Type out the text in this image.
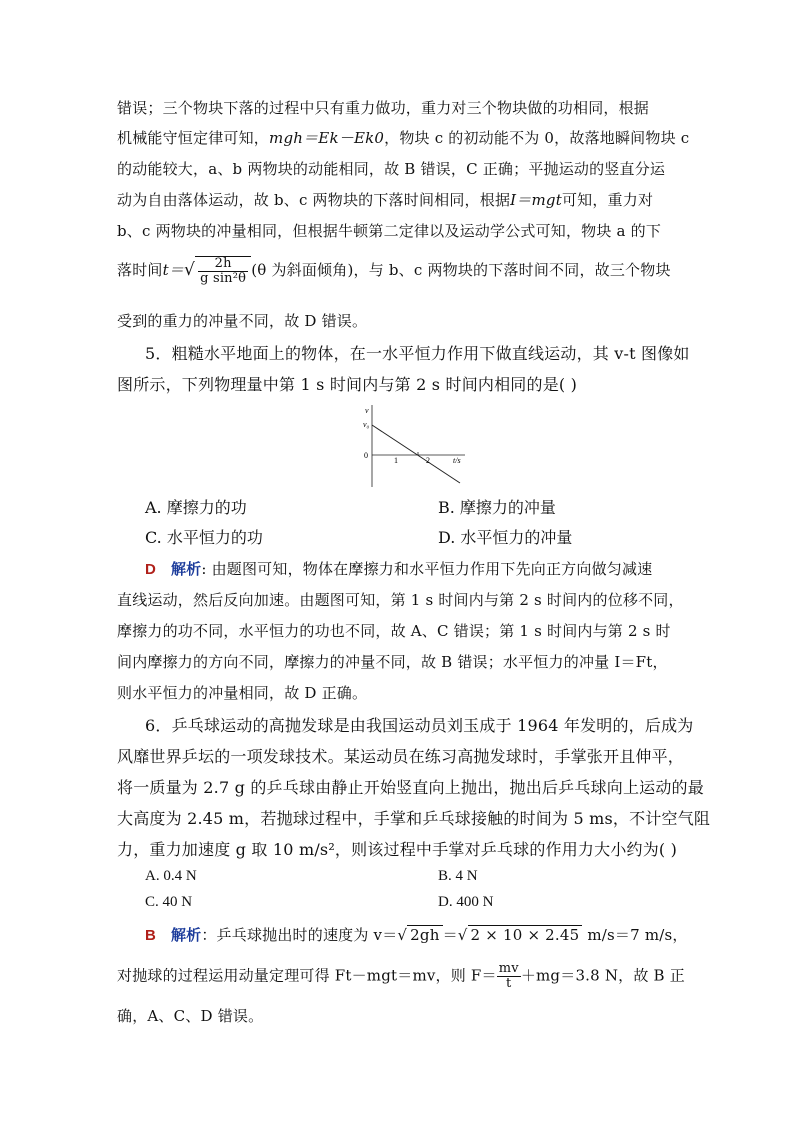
错误；三个物块下落的过程中只有重力做功，重力对三个物块做的功相同，根据
机械能守恒定律可知，mgh＝Ek－Ek0，物块 c 的初动能不为 0，故落地瞬间物块 c
的动能较大，a、b 两物块的动能相同，故 B 错误，C 正确；平抛运动的竖直分运
动为自由落体运动，故 b、c 两物块的下落时间相同，根据I＝mgt可知，重力对
b、c 两物块的冲量相同，但根据牛顿第二定律以及运动学公式可知，物块 a 的下
落时间$t=√ \frac{2h}{\text{g sin²θ}} (\theta$ 为斜面倾角)，与 b、c 两物块的下落时间不同，故三个物块
受到的重力的冲量不同，故 D 错误。
5．粗糙水平地面上的物体，在一水平恒力作用下做直线运动，其 v-t 图像如
图所示，下列物理量中第 1 s 时间内与第 2 s 时间内相同的是( )
v
v₀
0
1	2	t/s
A. 摩擦力的功	B. 摩擦力的冲量
C. 水平恒力的功	D. 水平恒力的冲量
D 解析: 由题图可知，物体在摩擦力和水平恒力作用下先向正方向做匀减速
直线运动，然后反向加速。由题图可知，第 1 s 时间内与第 2 s 时间内的位移不同，
摩擦力的功不同，水平恒力的功也不同，故 A、C 错误；第 1 s 时间内与第 2 s 时
间内摩擦力的方向不同，摩擦力的冲量不同，故 B 错误；水平恒力的冲量 I＝Ft，
则水平恒力的冲量相同，故 D 正确。
6．乒乓球运动的高抛发球是由我国运动员刘玉成于 1964 年发明的，后成为
风靡世界乒坛的一项发球技术。某运动员在练习高抛发球时，手掌张开且伸平，
将一质量为 2.7 g 的乒乓球由静止开始竖直向上抛出，抛出后乒乓球向上运动的最
大高度为 2.45 m，若抛球过程中，手掌和乒乓球接触的时间为 5 ms，不计空气阻
力，重力加速度 g 取 10 m/s²，则该过程中手掌对乒乓球的作用力大小约为( )
A. 0.4 N	B. 4 N
C. 40 N	D. 400 N
B 解析：乒乓球抛出时的速度为 v＝√ 2gh ＝√ 2 × 10 × 2.45 m/s＝7 m/s，
对抛球的过程运用动量定理可得 Ft－mgt＝mv，则 $F= \frac{mv}{t} +mg=3.8$ N，故 B 正
确，A、C、D 错误。
